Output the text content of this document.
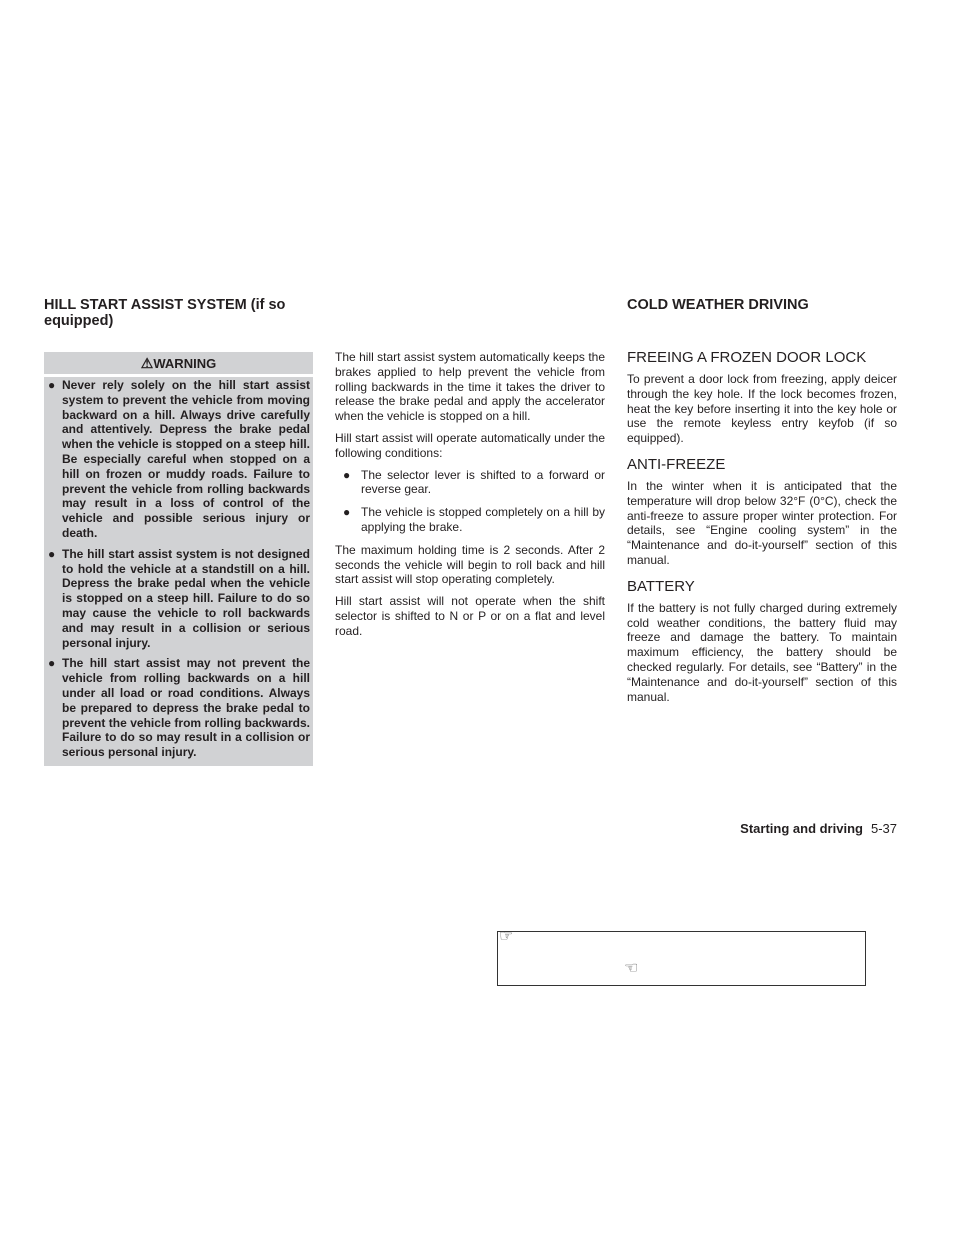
HILL START ASSIST SYSTEM (if so equipped)
⚠WARNING
● Never rely solely on the hill start assist system to prevent the vehicle from moving backward on a hill. Always drive carefully and attentively. Depress the brake pedal when the vehicle is stopped on a steep hill. Be especially careful when stopped on a hill on frozen or muddy roads. Failure to prevent the vehicle from rolling backwards may result in a loss of control of the vehicle and possible serious injury or death.
● The hill start assist system is not designed to hold the vehicle at a standstill on a hill. Depress the brake pedal when the vehicle is stopped on a steep hill. Failure to do so may cause the vehicle to roll backwards and may result in a collision or serious personal injury.
● The hill start assist may not prevent the vehicle from rolling backwards on a hill under all load or road conditions. Always be prepared to depress the brake pedal to prevent the vehicle from rolling backwards. Failure to do so may result in a collision or serious personal injury.

The hill start assist system automatically keeps the brakes applied to help prevent the vehicle from rolling backwards in the time it takes the driver to release the brake pedal and apply the accelerator when the vehicle is stopped on a hill.

Hill start assist will operate automatically under the following conditions:

● The selector lever is shifted to a forward or reverse gear.
● The vehicle is stopped completely on a hill by applying the brake.

The maximum holding time is 2 seconds. After 2 seconds the vehicle will begin to roll back and hill start assist will stop operating completely.

Hill start assist will not operate when the shift selector is shifted to N or P or on a flat and level road.

COLD WEATHER DRIVING
FREEING A FROZEN DOOR LOCK

To prevent a door lock from freezing, apply deicer through the key hole. If the lock becomes frozen, heat the key before inserting it into the key hole or use the remote keyless entry keyfob (if so equipped).

ANTI-FREEZE

In the winter when it is anticipated that the temperature will drop below 32°F (0°C), check the anti-freeze to assure proper winter protection. For details, see “Engine cooling system” in the “Maintenance and do-it-yourself” section of this manual.

BATTERY

If the battery is not fully charged during extremely cold weather conditions, the battery fluid may freeze and damage the battery. To maintain maximum efficiency, the battery should be checked regularly. For details, see “Battery” in the “Maintenance and do-it-yourself” section of this manual.

Starting and driving 5-37
☞
☜
